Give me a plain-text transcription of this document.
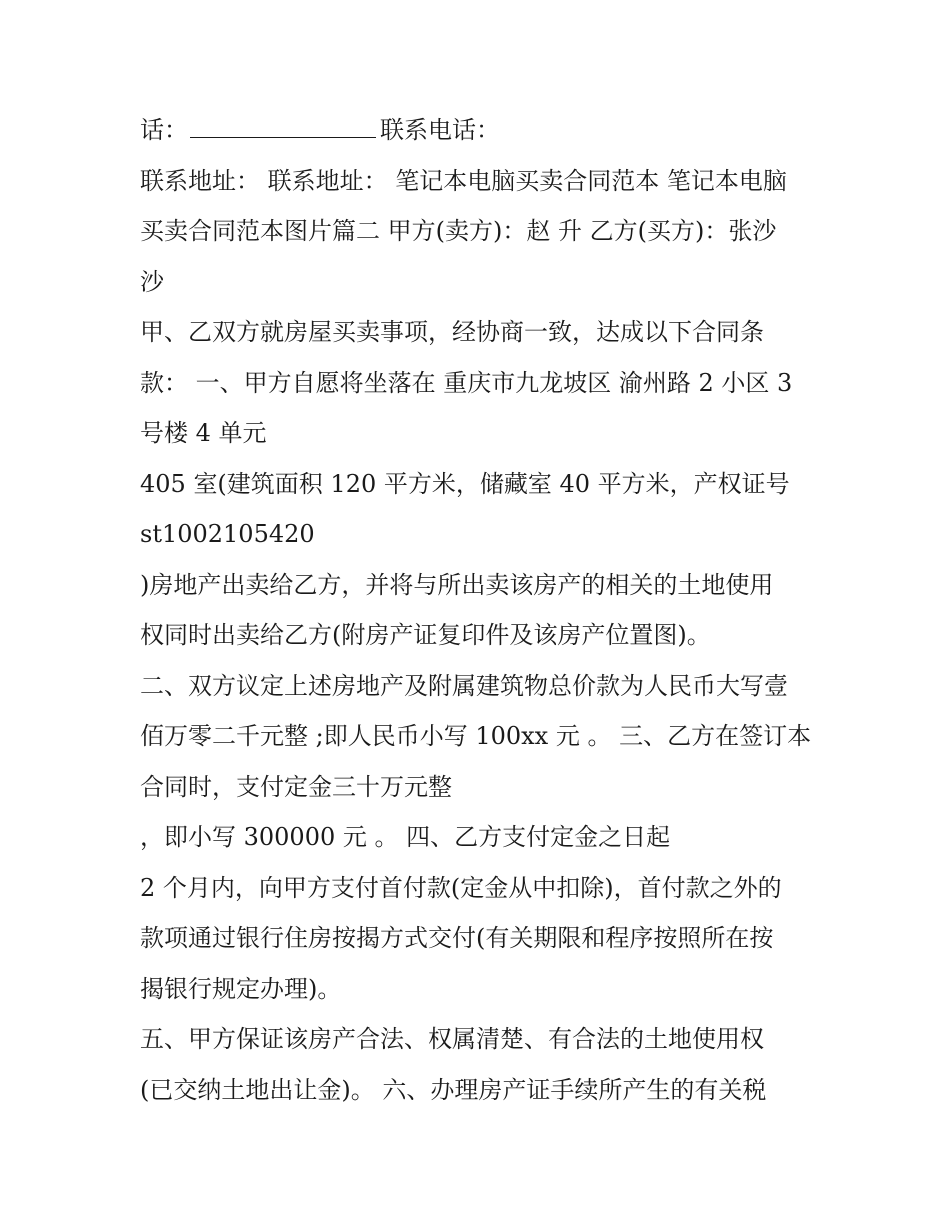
话：	联系电话：
联系地址： 联系地址： 笔记本电脑买卖合同范本 笔记本电脑
买卖合同范本图片篇二 甲方(卖方)：赵 升 乙方(买方)：张沙
沙
甲、乙双方就房屋买卖事项，经协商一致，达成以下合同条
款： 一、甲方自愿将坐落在 重庆市九龙坡区 渝州路 2 小区 3
号楼 4 单元
405 室(建筑面积 120 平方米，储藏室 40 平方米，产权证号
st1002105420
)房地产出卖给乙方，并将与所出卖该房产的相关的土地使用
权同时出卖给乙方(附房产证复印件及该房产位置图)。
二、双方议定上述房地产及附属建筑物总价款为人民币大写壹
佰万零二千元整 ;即人民币小写 100xx 元 。 三、乙方在签订本
合同时，支付定金三十万元整
，即小写 300000 元 。 四、乙方支付定金之日起
2 个月内，向甲方支付首付款(定金从中扣除)，首付款之外的
款项通过银行住房按揭方式交付(有关期限和程序按照所在按
揭银行规定办理)。
五、甲方保证该房产合法、权属清楚、有合法的土地使用权
(已交纳土地出让金)。 六、办理房产证手续所产生的有关税
